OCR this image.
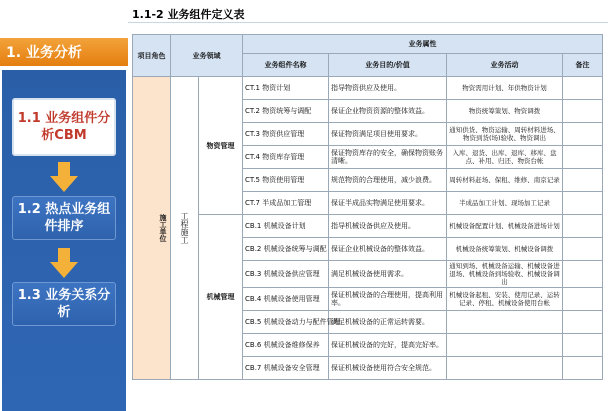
1. 业务分析
1.1 业务组件分析CBM
1.2 热点业务组件排序
1.3 业务关系分析
1.1-2 业务组件定义表
项目角色	业务领域		业务属性			
			业务组件名称	业务目的/价值	业务活动	备注
施工单位	工程施工	物资管理	CT.1 物资计划	指导物资供应及使用。	物资需用计划、年供物资计划	
			CT.2 物资统筹与调配	保证企业物资资源的整体效益。	物资统筹策划、物资调拨	
			CT.3 物资供应管理	保证物资满足项目使用要求。	通知供货、物资运输、周转材料进场、物资到货(场)验收、物资调出	
			CT.4 物资库存管理	保证物资库存的安全，确保物资账务清晰。	入库、退货、出库、退库、移库、盘点、补用、归还、物资台帐	
			CT.5 物资使用管理	规范物资的合理使用，减少浪费。	周转材料赶场、保租、维修、南京记录	
			CT.7 半成品加工管理	保证半成品实物满足使用要求。	半成品加工计划、现场加工记录	
		机械管理	CB.1 机械设备计划	指导机械设备供应及使用。	机械设备配置计划、机械设备进场计划	
			CB.2 机械设备统筹与调配	保证企业机械设备的整体效益。	机械设备统筹策划、机械设备调拨	
			CB.3 机械设备供应管理	满足机械设备使用需求。	通知到场、机械设备运输、机械设备进退场、机械设备到场验收、机械设备调出	
			CB.4 机械设备使用管理	保证机械设备的合理使用，提高利用率。	机械设备起租、安装、使用记录、运转记录、停租、机械设备使用台帐	
			CB.5 机械设备动力与配件管理	满足机械设备的正常运转需要。		
			CB.6 机械设备维修保养	保证机械设备的完好，提高完好率。		
			CB.7 机械设备安全管理	保证机械设备使用符合安全规范。		
